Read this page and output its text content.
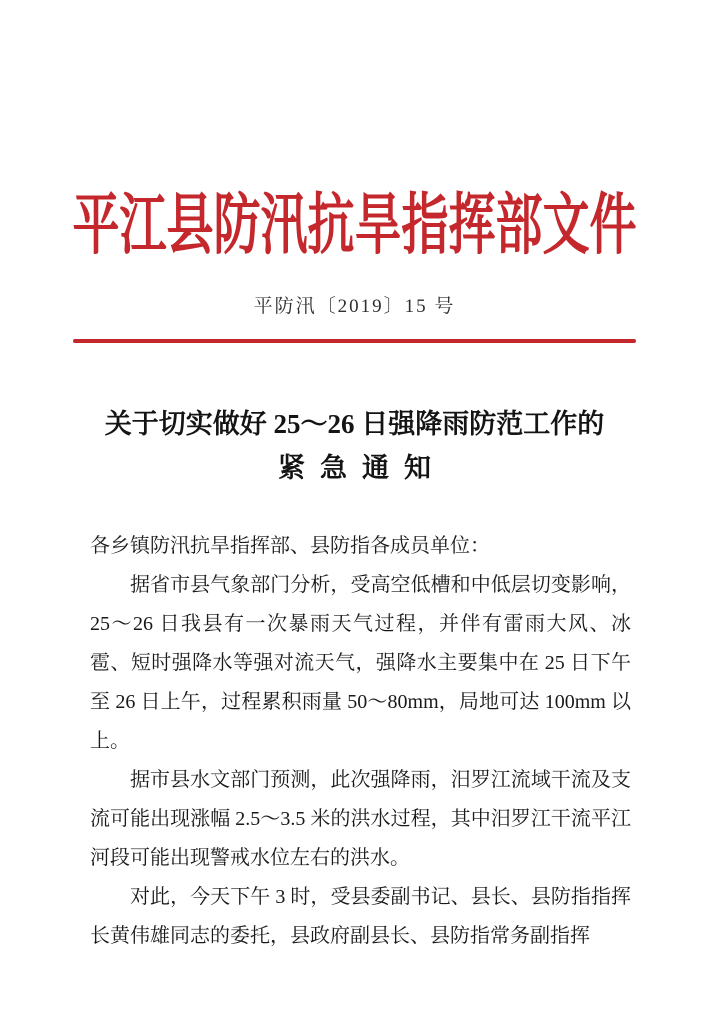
平江县防汛抗旱指挥部文件
平防汛〔2019〕15 号
关于切实做好 25～26 日强降雨防范工作的
紧急通知

各乡镇防汛抗旱指挥部、县防指各成员单位：

据省市县气象部门分析，受高空低槽和中低层切变影响，25～26 日我县有一次暴雨天气过程，并伴有雷雨大风、冰雹、短时强降水等强对流天气，强降水主要集中在 25 日下午至 26 日上午，过程累积雨量 50～80mm，局地可达 100mm 以上。

据市县水文部门预测，此次强降雨，汨罗江流域干流及支流可能出现涨幅 2.5～3.5 米的洪水过程，其中汨罗江干流平江河段可能出现警戒水位左右的洪水。

对此，今天下午 3 时，受县委副书记、县长、县防指指挥长黄伟雄同志的委托，县政府副县长、县防指常务副指挥
